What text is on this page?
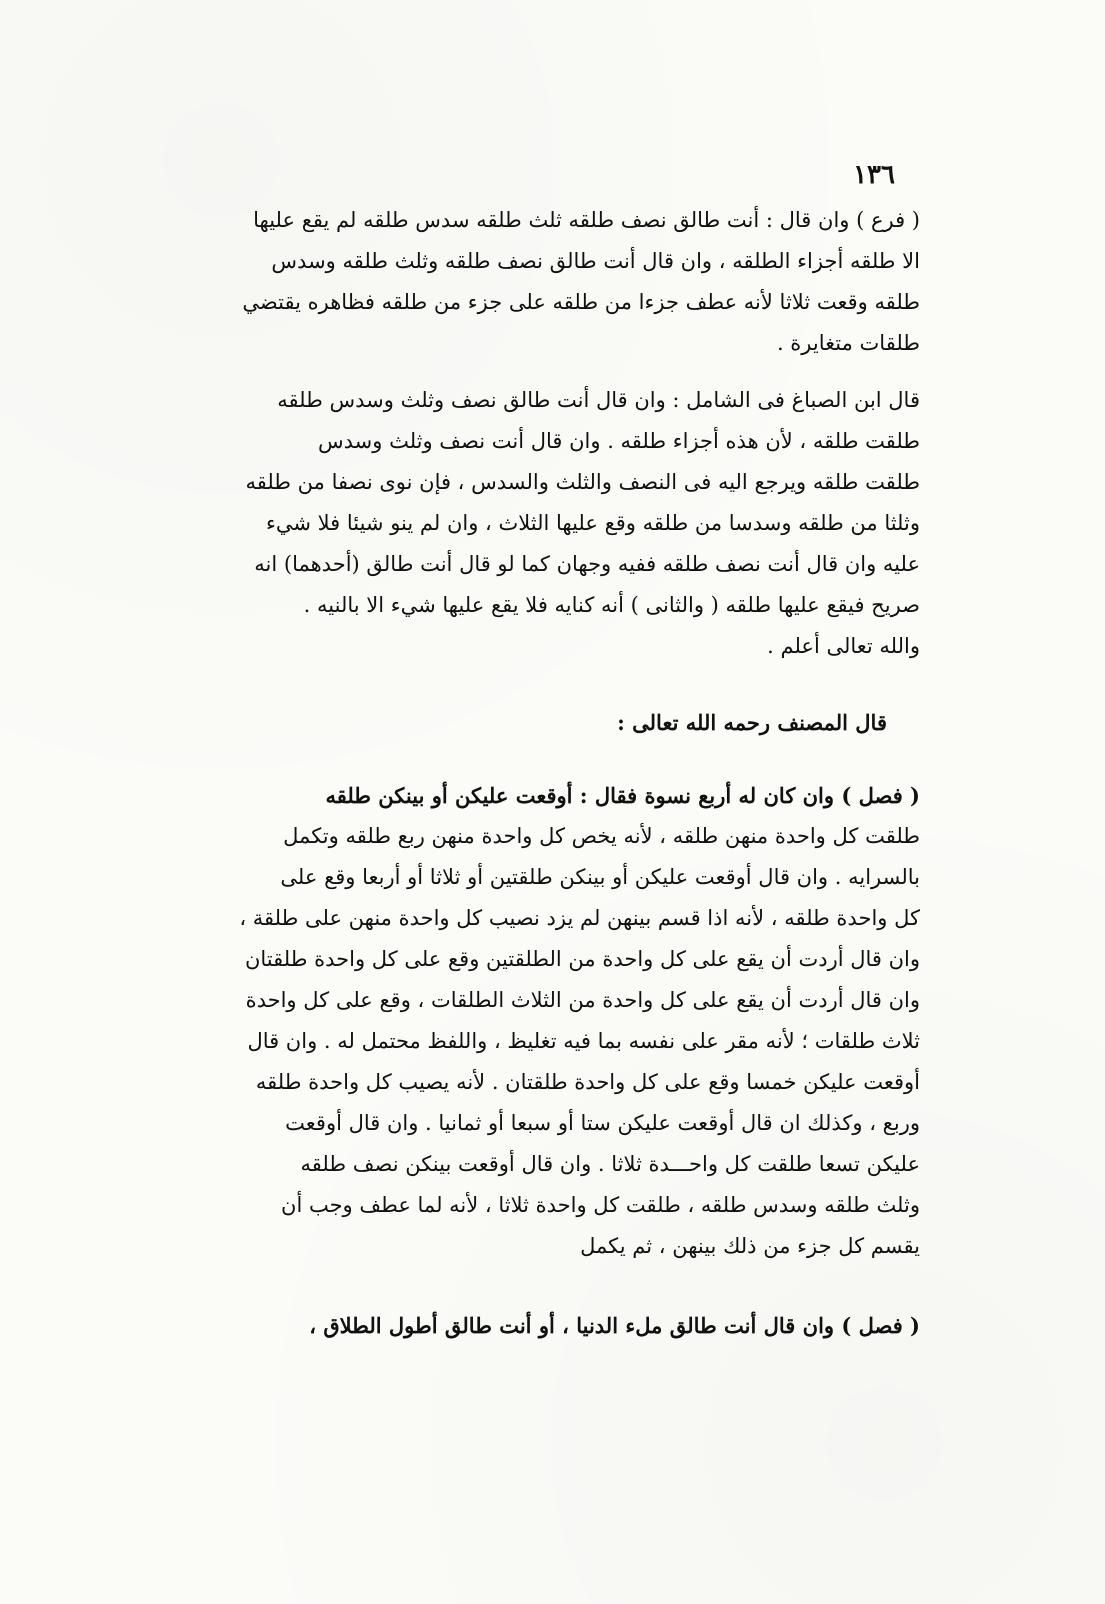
١٣٦
( فرع ) وان قال : أنت طالق نصف طلقه ثلث طلقه سدس طلقه لم يقع عليها
الا طلقه أجزاء الطلقه ، وان قال أنت طالق نصف طلقه وثلث طلقه وسدس
طلقه وقعت ثلاثا لأنه عطف جزءا من طلقه على جزء من طلقه فظاهره يقتضي
طلقات متغايرة .
قال ابن الصباغ فى الشامل : وان قال أنت طالق نصف وثلث وسدس طلقه
طلقت طلقه ، لأن هذه أجزاء طلقه . وان قال أنت نصف وثلث وسدس
طلقت طلقه ويرجع اليه فى النصف والثلث والسدس ، فإن نوى نصفا من طلقه
وثلثا من طلقه وسدسا من طلقه وقع عليها الثلاث ، وان لم ينو شيئا فلا شيء
عليه وان قال أنت نصف طلقه ففيه وجهان كما لو قال أنت طالق (أحدهما) انه
صريح فيقع عليها طلقه ( والثانى ) أنه كنايه فلا يقع عليها شيء الا بالنيه .
والله تعالى أعلم .
قال المصنف رحمه الله تعالى :
( فصل ) وان كان له أربع نسوة فقال : أوقعت عليكن أو بينكن طلقه
طلقت كل واحدة منهن طلقه ، لأنه يخص كل واحدة منهن ربع طلقه وتكمل
بالسرايه . وان قال أوقعت عليكن أو بينكن طلقتين أو ثلاثا أو أربعا وقع على
كل واحدة طلقه ، لأنه اذا قسم بينهن لم يزد نصيب كل واحدة منهن على طلقة ،
وان قال أردت أن يقع على كل واحدة من الطلقتين وقع على كل واحدة طلقتان
وان قال أردت أن يقع على كل واحدة من الثلاث الطلقات ، وقع على كل واحدة
ثلاث طلقات ؛ لأنه مقر على نفسه بما فيه تغليظ ، واللفظ محتمل له . وان قال
أوقعت عليكن خمسا وقع على كل واحدة طلقتان . لأنه يصيب كل واحدة طلقه
وربع ، وكذلك ان قال أوقعت عليكن ستا أو سبعا أو ثمانيا . وان قال أوقعت
عليكن تسعا طلقت كل واحـــدة ثلاثا . وان قال أوقعت بينكن نصف طلقه
وثلث طلقه وسدس طلقه ، طلقت كل واحدة ثلاثا ، لأنه لما عطف وجب أن
يقسم كل جزء من ذلك بينهن ، ثم يكمل
( فصل ) وان قال أنت طالق ملء الدنيا ، أو أنت طالق أطول الطلاق ،
